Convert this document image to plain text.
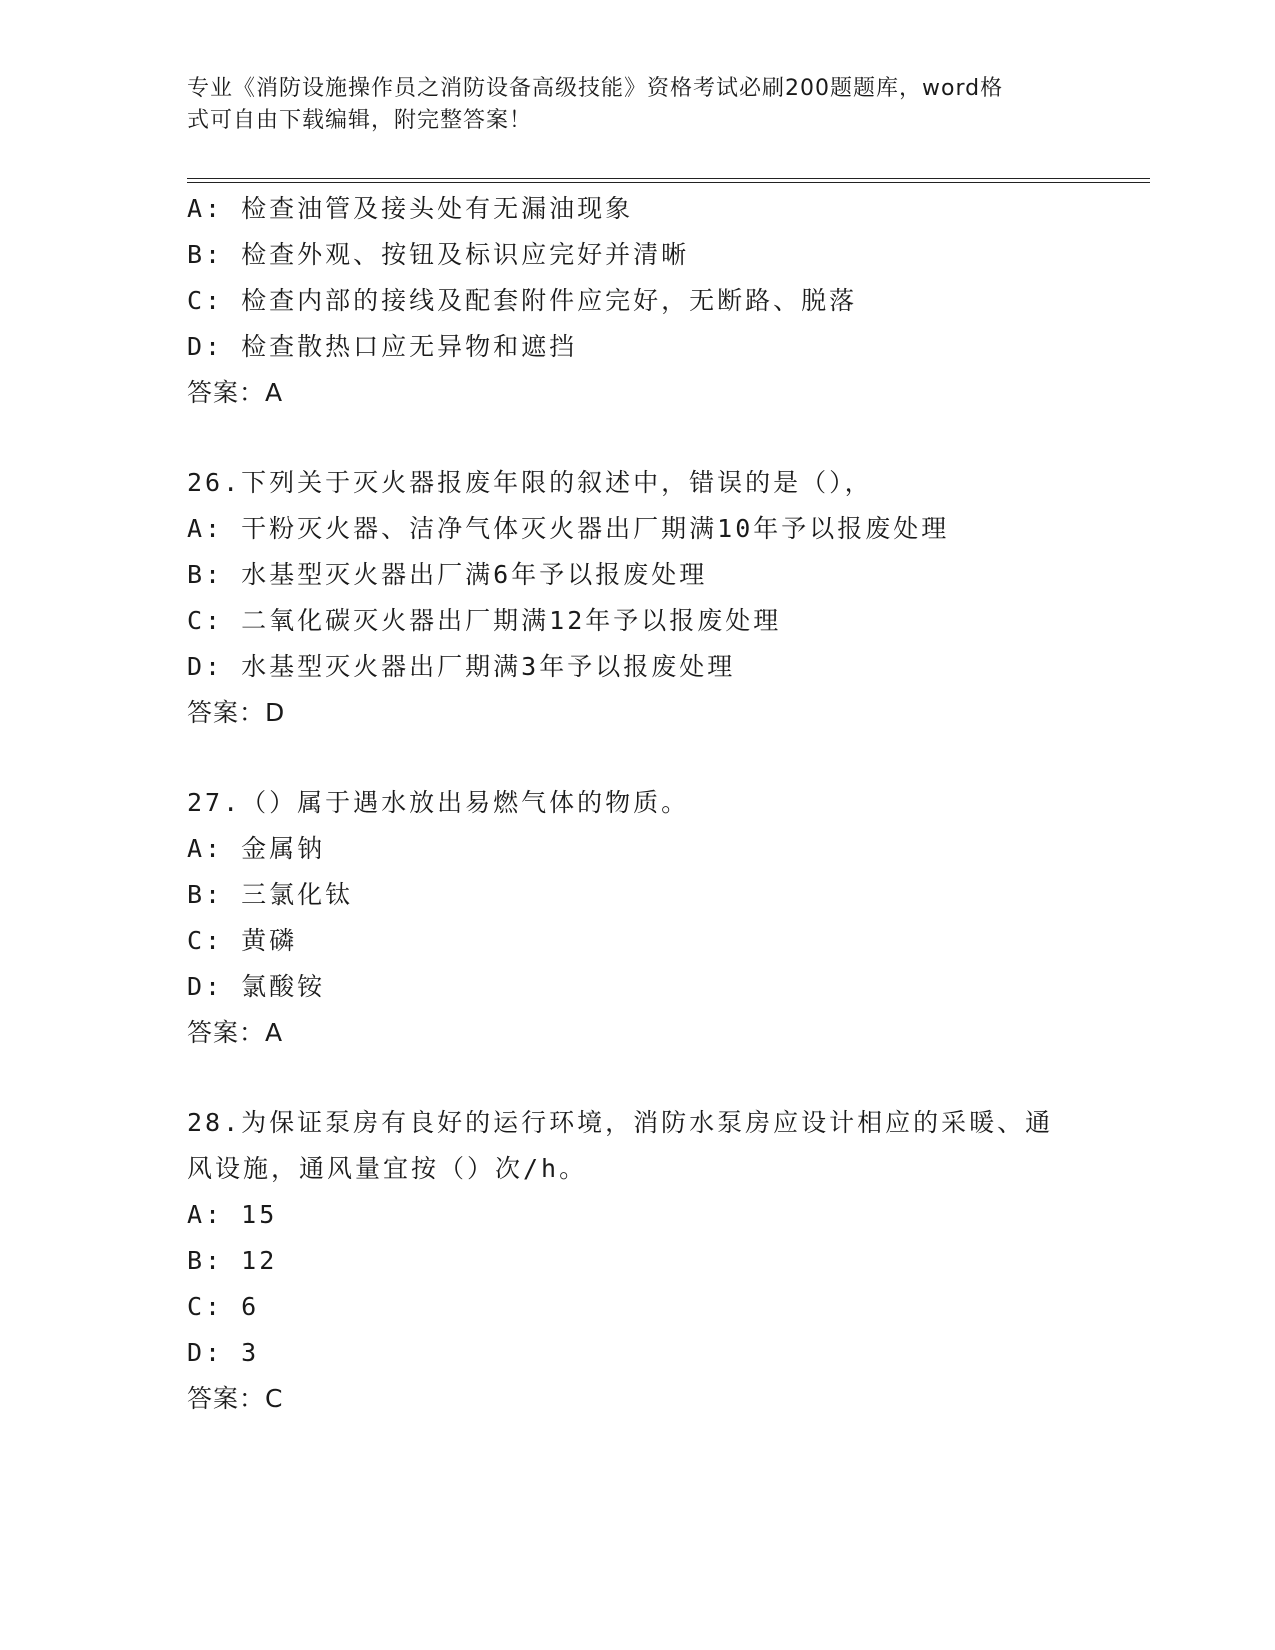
专业《消防设施操作员之消防设备高级技能》资格考试必刷200题题库，word格
式可自由下载编辑，附完整答案！
A: 检查油管及接头处有无漏油现象
B: 检查外观、按钮及标识应完好并清晰
C: 检查内部的接线及配套附件应完好，无断路、脱落
D: 检查散热口应无异物和遮挡
答案：A
26.下列关于灭火器报废年限的叙述中，错误的是（），
A: 干粉灭火器、洁净气体灭火器出厂期满10年予以报废处理
B: 水基型灭火器出厂满6年予以报废处理
C: 二氧化碳灭火器出厂期满12年予以报废处理
D: 水基型灭火器出厂期满3年予以报废处理
答案：D
27.（）属于遇水放出易燃气体的物质。
A: 金属钠
B: 三氯化钛
C: 黄磷
D: 氯酸铵
答案：A
28.为保证泵房有良好的运行环境，消防水泵房应设计相应的采暖、通
风设施，通风量宜按（）次/h。
A: 15
B: 12
C: 6
D: 3
答案：C
